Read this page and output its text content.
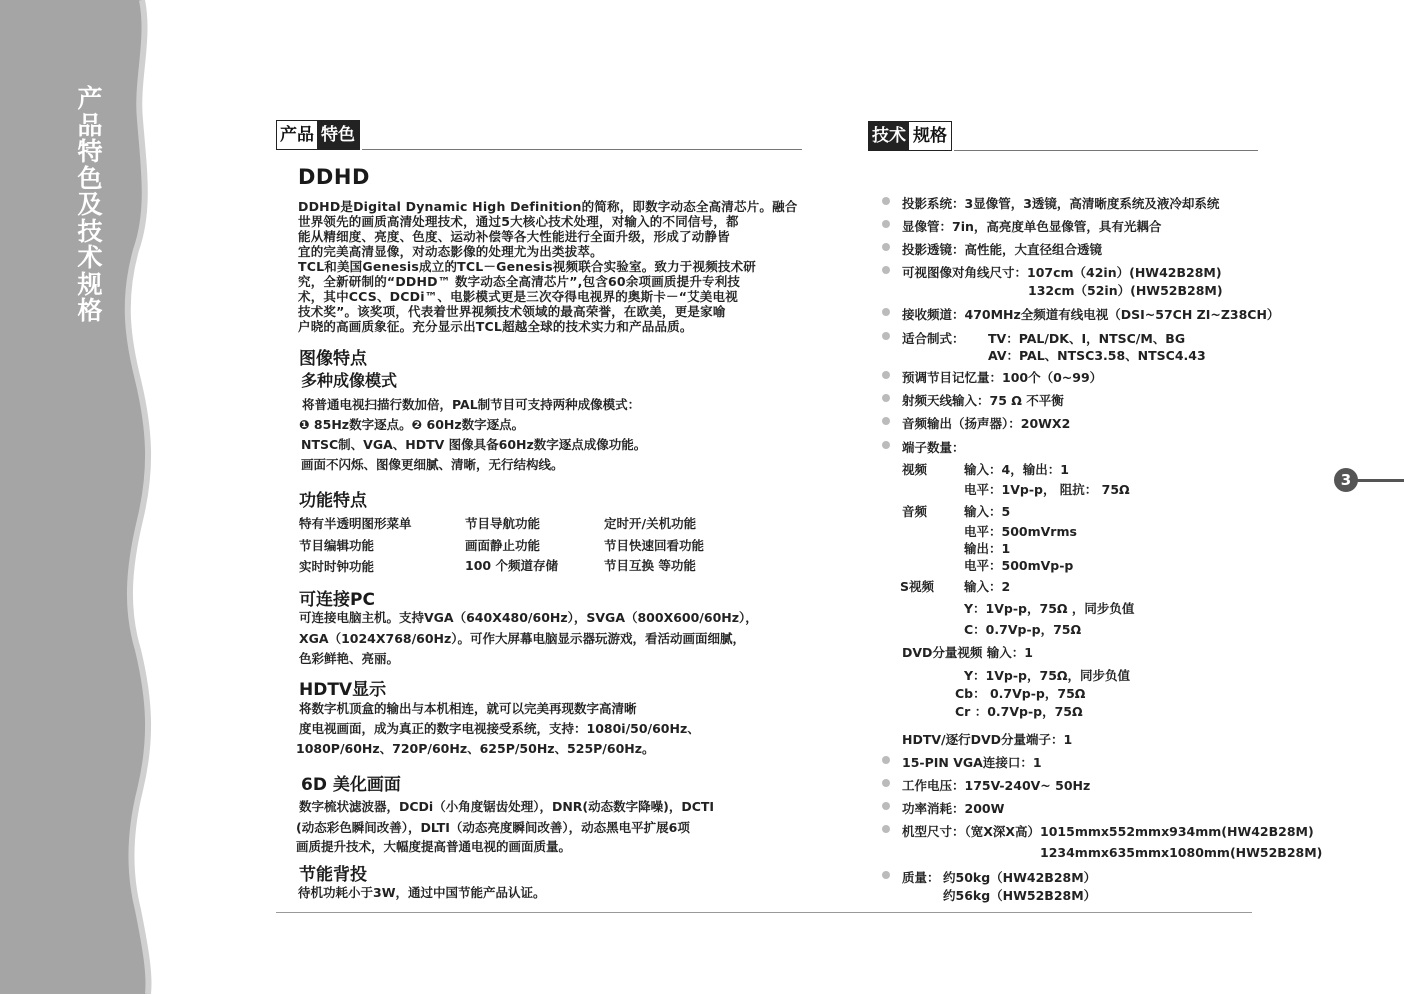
产
品
特
色
及
技
术
规
格
产品 特色
DDHD
DDHD是Digital Dynamic High Definition的简称，即数字动态全高清芯片。融合
世界领先的画质高清处理技术，通过5大核心技术处理，对输入的不同信号，都
能从精细度、亮度、色度、运动补偿等各大性能进行全面升级，形成了动静皆
宜的完美高清显像，对动态影像的处理尤为出类拔萃。
TCL和美国Genesis成立的TCL－Genesis视频联合实验室。致力于视频技术研
究，全新研制的“DDHD™ 数字动态全高清芯片”,包含60余项画质提升专利技
术，其中CCS、DCDi™、电影模式更是三次夺得电视界的奥斯卡－“艾美电视
技术奖”。该奖项，代表着世界视频技术领域的最高荣誉，在欧美，更是家喻
户晓的高画质象征。充分显示出TCL超越全球的技术实力和产品品质。
图像特点
多种成像模式
将普通电视扫描行数加倍，PAL制节目可支持两种成像模式：
❶ 85Hz数字逐点。❷ 60Hz数字逐点。
NTSC制、VGA、HDTV 图像具备60Hz数字逐点成像功能。
画面不闪烁、图像更细腻、清晰，无行结构线。
功能特点
特有半透明图形菜单	节目导航功能	定时开/关机功能
节目编辑功能	画面静止功能	节目快速回看功能
实时时钟功能	100 个频道存储	节目互换 等功能
可连接PC
可连接电脑主机。支持VGA（640X480/60Hz），SVGA（800X600/60Hz），
XGA（1024X768/60Hz）。可作大屏幕电脑显示器玩游戏，看活动画面细腻，
色彩鲜艳、亮丽。
HDTV显示
将数字机顶盒的输出与本机相连，就可以完美再现数字高清晰
度电视画面，成为真正的数字电视接受系统，支持：1080i/50/60Hz、
1080P/60Hz、720P/60Hz、625P/50Hz、525P/60Hz。
6D 美化画面
数字梳状滤波器，DCDi（小角度锯齿处理），DNR(动态数字降噪)，DCTI
(动态彩色瞬间改善），DLTI（动态亮度瞬间改善），动态黑电平扩展6项
画质提升技术，大幅度提高普通电视的画面质量。
节能背投
待机功耗小于3W，通过中国节能产品认证。
技术 规格
投影系统：3显像管，3透镜，高清晰度系统及液冷却系统
显像管：7in，高亮度单色显像管，具有光耦合
投影透镜：高性能，大直径组合透镜
可视图像对角线尺寸：107cm（42in）(HW42B28M)
132cm（52in）(HW52B28M)
接收频道：470MHz全频道有线电视（DSI~57CH ZI~Z38CH）
适合制式： TV：PAL/DK、I，NTSC/M、BG
AV：PAL、NTSC3.58、NTSC4.43
预调节目记忆量：100个（0~99）
射频天线输入：75 Ω 不平衡
音频输出（扬声器）：20WX2
端子数量：
视频	输入：4，输出：1
电平：1Vp-p， 阻抗： 75Ω
音频	输入：5
电平：500mVrms
输出：1
电平：500mVp-p
S视频 输入：2
Y：1Vp-p，75Ω ，同步负值
C：0.7Vp-p，75Ω
DVD分量视频 输入：1
Y：1Vp-p，75Ω，同步负值
Cb： 0.7Vp-p，75Ω
Cr ：0.7Vp-p，75Ω
HDTV/逐行DVD分量端子：1
15-PIN VGA连接口：1
工作电压：175V-240V~ 50Hz
功率消耗：200W
机型尺寸：（宽X深X高）1015mmx552mmx934mm(HW42B28M)
1234mmx635mmx1080mm(HW52B28M)
质量： 约50kg（HW42B28M）
约56kg（HW52B28M）
3
